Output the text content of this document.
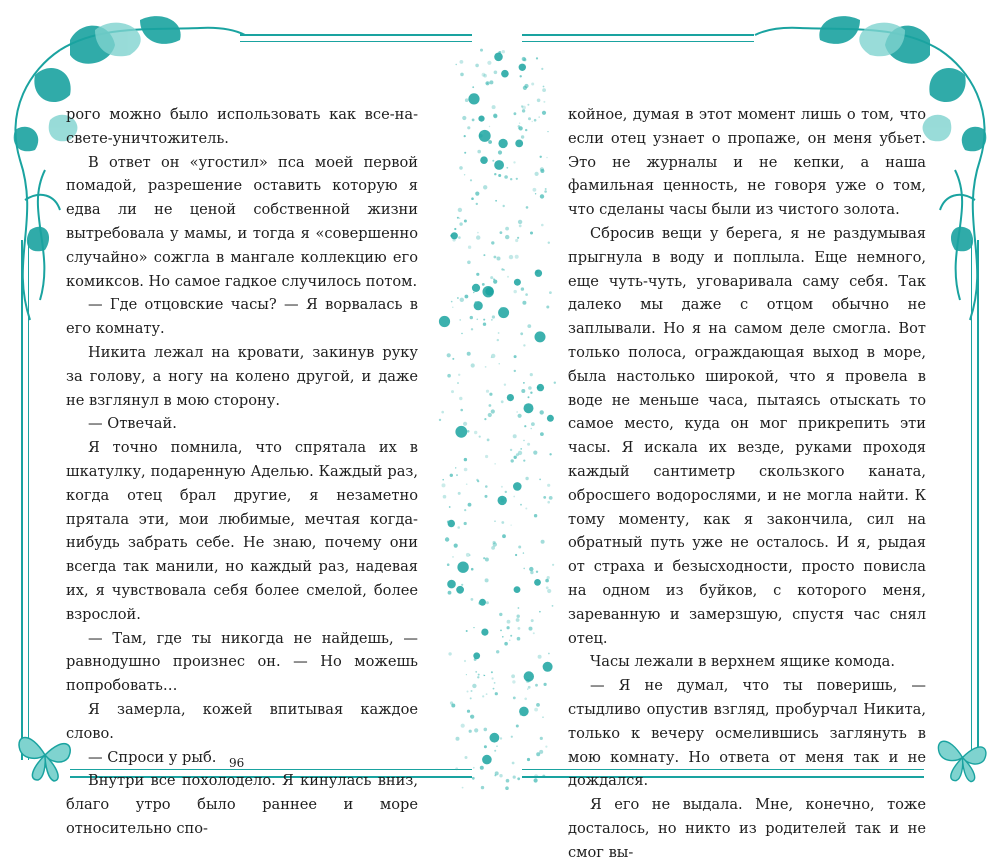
рого можно было использовать как все-на-свете-уничтожитель.

В ответ он «угостил» пса моей первой помадой, разрешение оставить которую я едва ли не ценой собственной жизни вытребовала у мамы, и тогда я «совершенно случайно» сожгла в мангале коллекцию его комиксов. Но самое гадкое случилось потом.

— Где отцовские часы? — Я ворвалась в его комнату.

Никита лежал на кровати, закинув руку за голову, а ногу на колено другой, и даже не взглянул в мою сторону.

— Отвечай.

Я точно помнила, что спрятала их в шкатулку, подаренную Аделью. Каждый раз, когда отец брал другие, я незаметно прятала эти, мои любимые, мечтая когда-нибудь забрать себе. Не знаю, почему они всегда так манили, но каждый раз, надевая их, я чувствовала себя более смелой, более взрослой.

— Там, где ты никогда не найдешь, — равнодушно произнес он. — Но можешь попробовать…

Я замерла, кожей впитывая каждое слово.

— Спроси у рыб.

Внутри все похолодело. Я кинулась вниз, благо утро было раннее и море относительно спо-

96

койное, думая в этот момент лишь о том, что если отец узнает о пропаже, он меня убьет. Это не журналы и не кепки, а наша фамильная ценность, не говоря уже о том, что сделаны часы были из чистого золота.

Сбросив вещи у берега, я не раздумывая прыгнула в воду и поплыла. Еще немного, еще чуть-чуть, уговаривала саму себя. Так далеко мы даже с отцом обычно не заплывали. Но я на самом деле смогла. Вот только полоса, ограждающая выход в море, была настолько широкой, что я провела в воде не меньше часа, пытаясь отыскать то самое место, куда он мог прикрепить эти часы. Я искала их везде, руками проходя каждый сантиметр скользкого каната, обросшего водорослями, и не могла найти. К тому моменту, как я закончила, сил на обратный путь уже не осталось. И я, рыдая от страха и безысходности, просто повисла на одном из буйков, с которого меня, зареванную и замерзшую, спустя час снял отец.

Часы лежали в верхнем ящике комода.

— Я не думал, что ты поверишь, — стыдливо опустив взгляд, пробурчал Никита, только к вечеру осмелившись заглянуть в мою комнату. Но ответа от меня так и не дождался.

Я его не выдала. Мне, конечно, тоже досталось, но никто из родителей так и не смог вы-
